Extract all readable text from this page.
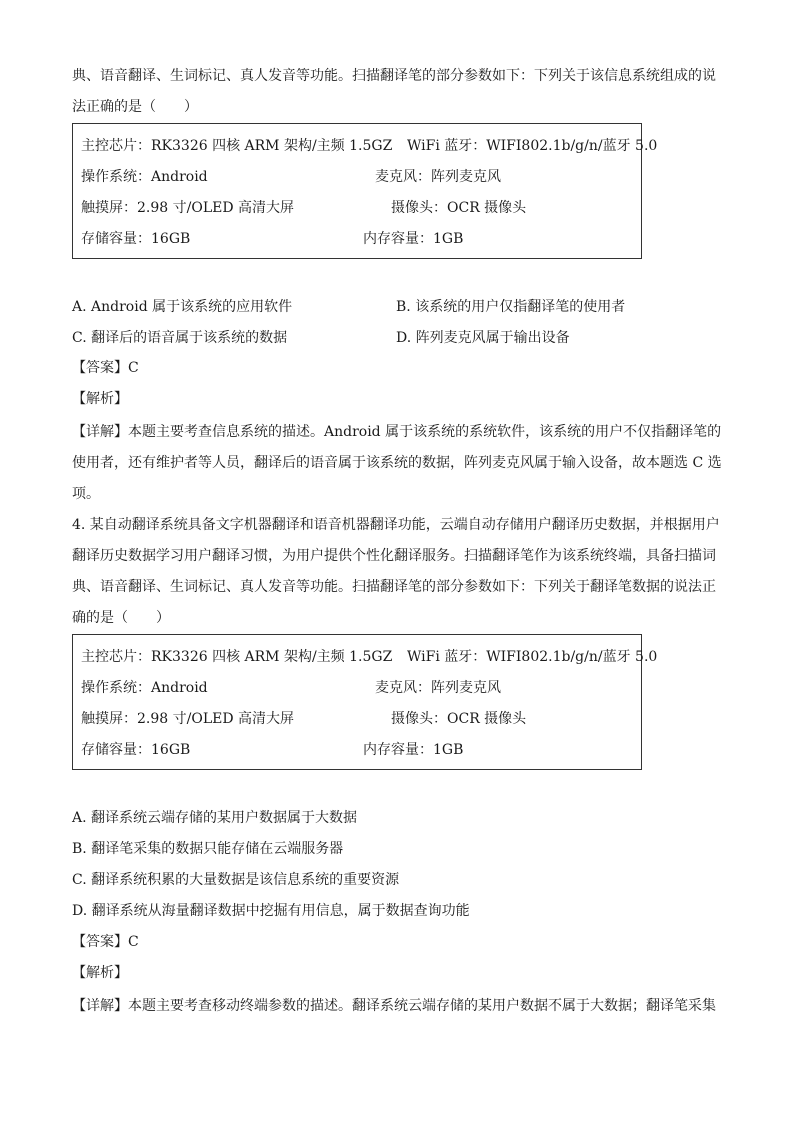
典、语音翻译、生词标记、真人发音等功能。扫描翻译笔的部分参数如下：下列关于该信息系统组成的说
法正确的是（　　）
主控芯片：RK3326 四核 ARM 架构/主频 1.5GZ WiFi 蓝牙：WIFI802.1b/g/n/蓝牙 5.0
操作系统：Android	麦克风：阵列麦克风
触摸屏：2.98 寸/OLED 高清大屏	摄像头：OCR 摄像头
存储容量：16GB	内存容量：1GB
A. Android 属于该系统的应用软件	B. 该系统的用户仅指翻译笔的使用者
C. 翻译后的语音属于该系统的数据	D. 阵列麦克风属于输出设备
【答案】C
【解析】
【详解】本题主要考查信息系统的描述。Android 属于该系统的系统软件，该系统的用户不仅指翻译笔的
使用者，还有维护者等人员，翻译后的语音属于该系统的数据，阵列麦克风属于输入设备，故本题选 C 选
项。
4. 某自动翻译系统具备文字机器翻译和语音机器翻译功能，云端自动存储用户翻译历史数据，并根据用户
翻译历史数据学习用户翻译习惯，为用户提供个性化翻译服务。扫描翻译笔作为该系统终端，具备扫描词
典、语音翻译、生词标记、真人发音等功能。扫描翻译笔的部分参数如下：下列关于翻译笔数据的说法正
确的是（　　）
主控芯片：RK3326 四核 ARM 架构/主频 1.5GZ WiFi 蓝牙：WIFI802.1b/g/n/蓝牙 5.0
操作系统：Android	麦克风：阵列麦克风
触摸屏：2.98 寸/OLED 高清大屏	摄像头：OCR 摄像头
存储容量：16GB	内存容量：1GB
A. 翻译系统云端存储的某用户数据属于大数据
B. 翻译笔采集的数据只能存储在云端服务器
C. 翻译系统积累的大量数据是该信息系统的重要资源
D. 翻译系统从海量翻译数据中挖掘有用信息，属于数据查询功能
【答案】C
【解析】
【详解】本题主要考查移动终端参数的描述。翻译系统云端存储的某用户数据不属于大数据；翻译笔采集
